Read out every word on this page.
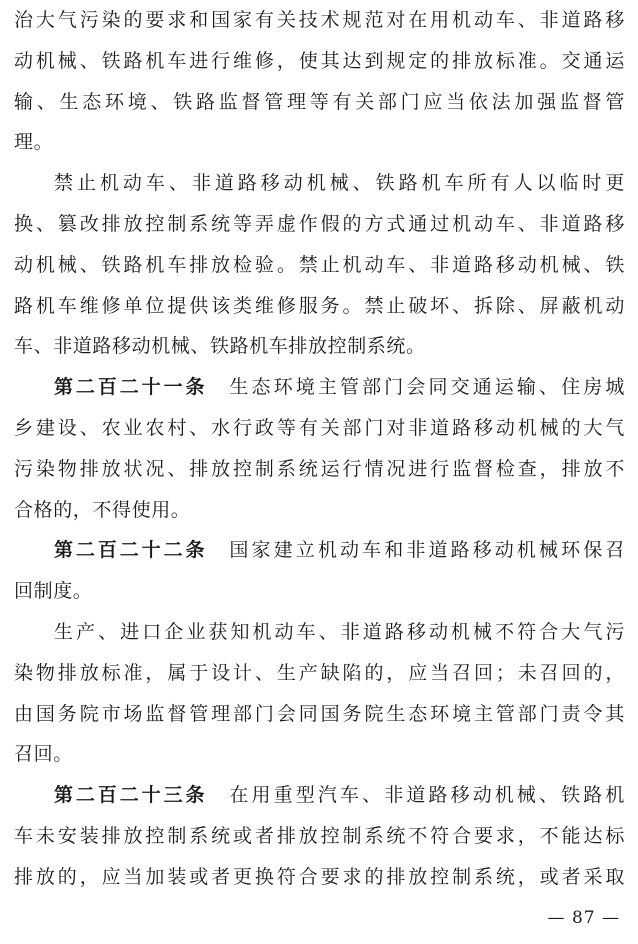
治大气污染的要求和国家有关技术规范对在用机动车、非道路移
动机械、铁路机车进行维修，使其达到规定的排放标准。交通运
输、生态环境、铁路监督管理等有关部门应当依法加强监督管
理。
禁止机动车、非道路移动机械、铁路机车所有人以临时更
换、篡改排放控制系统等弄虚作假的方式通过机动车、非道路移
动机械、铁路机车排放检验。禁止机动车、非道路移动机械、铁
路机车维修单位提供该类维修服务。禁止破坏、拆除、屏蔽机动
车、非道路移动机械、铁路机车排放控制系统。
第二百二十一条 生态环境主管部门会同交通运输、住房城
乡建设、农业农村、水行政等有关部门对非道路移动机械的大气
污染物排放状况、排放控制系统运行情况进行监督检查，排放不
合格的，不得使用。
第二百二十二条 国家建立机动车和非道路移动机械环保召
回制度。
生产、进口企业获知机动车、非道路移动机械不符合大气污
染物排放标准，属于设计、生产缺陷的，应当召回；未召回的，
由国务院市场监督管理部门会同国务院生态环境主管部门责令其
召回。
第二百二十三条 在用重型汽车、非道路移动机械、铁路机
车未安装排放控制系统或者排放控制系统不符合要求，不能达标
排放的，应当加装或者更换符合要求的排放控制系统，或者采取
— 87 —
